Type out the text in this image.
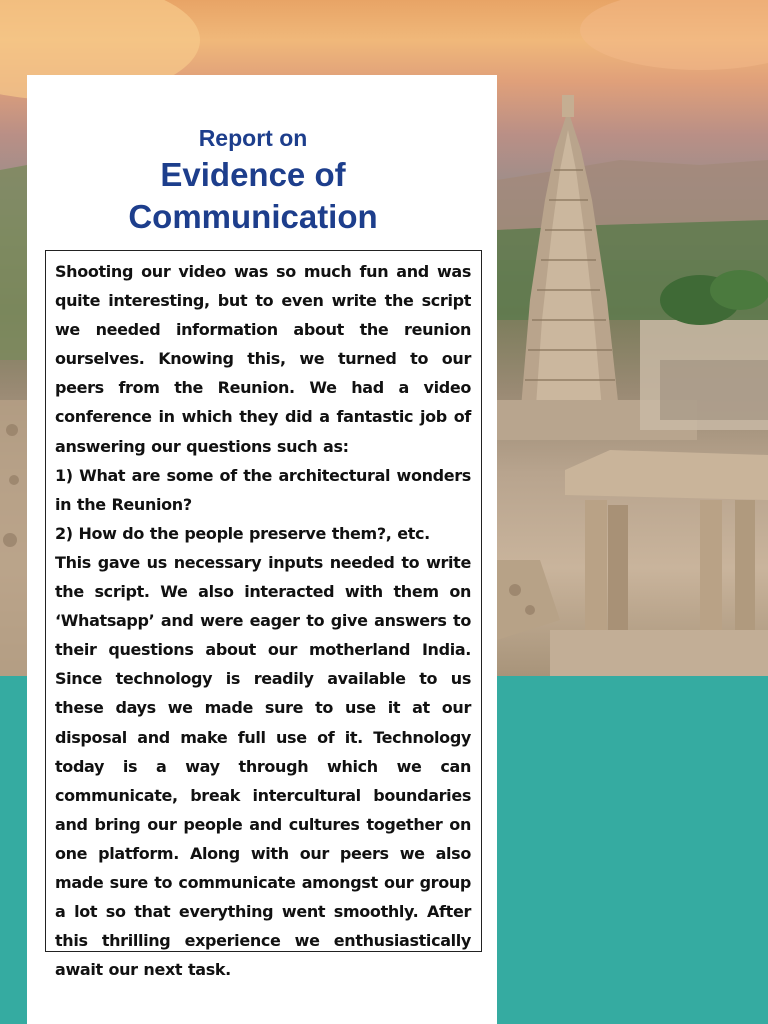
Report on
Evidence of
Communication

Shooting our video was so much fun and was quite interesting, but to even write the script we needed information about the reunion ourselves. Knowing this, we turned to our peers from the Reunion. We had a video conference in which they did a fantastic job of answering our questions such as:
1) What are some of the architectural wonders in the Reunion?
2) How do the people preserve them?, etc.
This gave us necessary inputs needed to write the script. We also interacted with them on ‘Whatsapp’ and were eager to give answers to their questions about our motherland India. Since technology is readily available to us these days we made sure to use it at our disposal and make full use of it. Technology today is a way through which we can communicate, break intercultural boundaries and bring our people and cultures together on one platform. Along with our peers we also made sure to communicate amongst our group a lot so that everything went smoothly. After this thrilling experience we enthusiastically await our next task.
